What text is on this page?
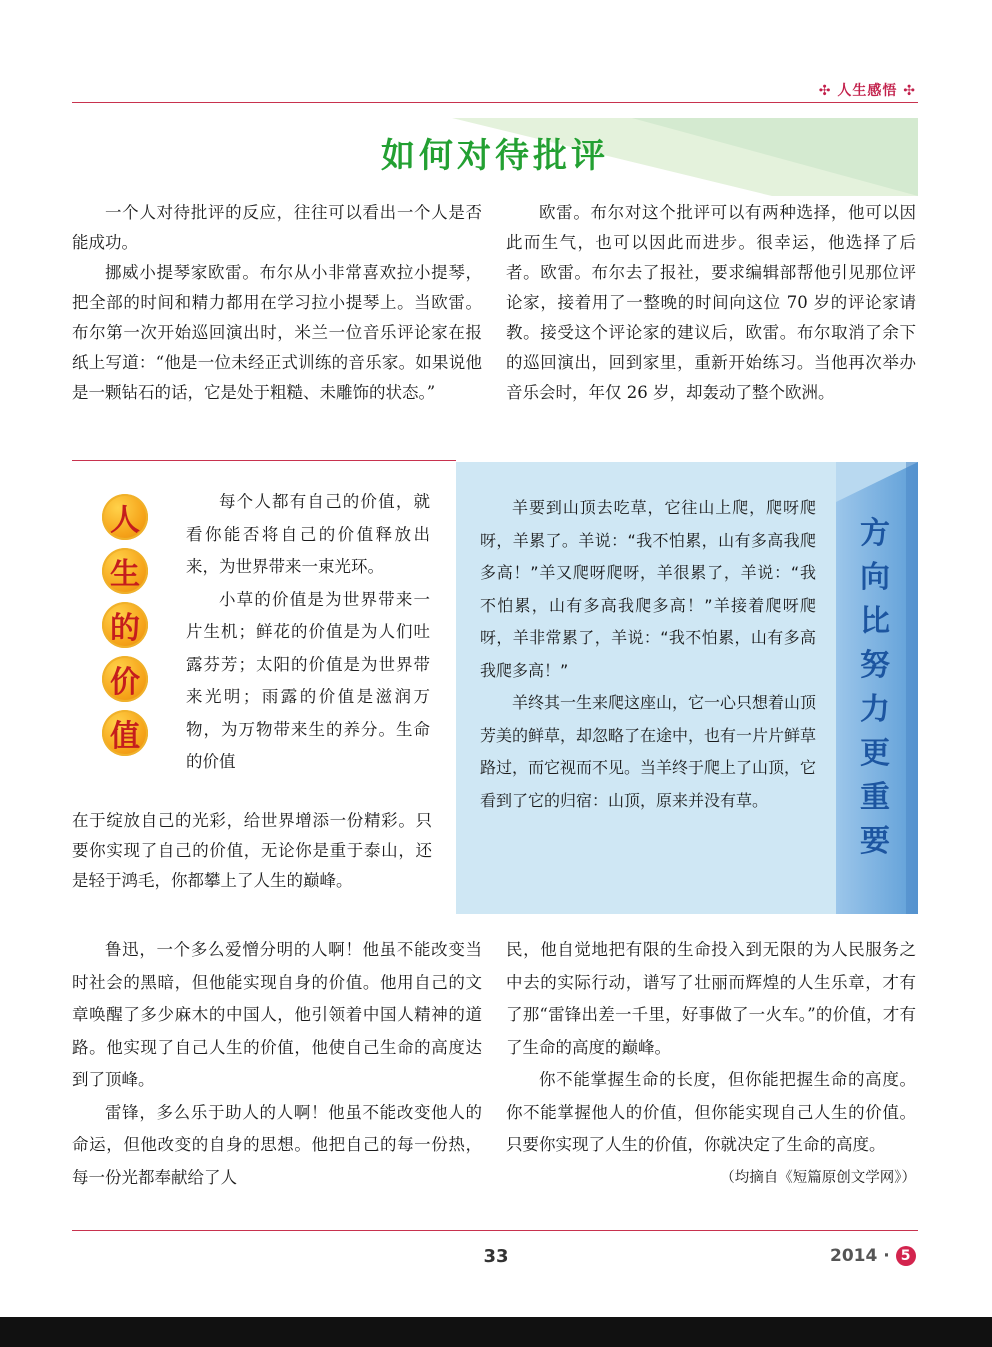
✣ 人生感悟 ✣
如何对待批评

一个人对待批评的反应，往往可以看出一个人是否能成功。

挪威小提琴家欧雷。布尔从小非常喜欢拉小提琴，把全部的时间和精力都用在学习拉小提琴上。当欧雷。布尔第一次开始巡回演出时，米兰一位音乐评论家在报纸上写道：“他是一位未经正式训练的音乐家。如果说他是一颗钻石的话，它是处于粗糙、未雕饰的状态。”

欧雷。布尔对这个批评可以有两种选择，他可以因此而生气，也可以因此而进步。很幸运，他选择了后者。欧雷。布尔去了报社，要求编辑部帮他引见那位评论家，接着用了一整晚的时间向这位 70 岁的评论家请教。接受这个评论家的建议后，欧雷。布尔取消了余下的巡回演出，回到家里，重新开始练习。当他再次举办音乐会时，年仅 26 岁，却轰动了整个欧洲。

人
生
的
价
值

每个人都有自己的价值，就看你能否将自己的价值释放出来，为世界带来一束光环。

小草的价值是为世界带来一片生机；鲜花的价值是为人们吐露芬芳；太阳的价值是为世界带来光明；雨露的价值是滋润万物，为万物带来生的养分。生命的价值

在于绽放自己的光彩，给世界增添一份精彩。只要你实现了自己的价值，无论你是重于泰山，还是轻于鸿毛，你都攀上了人生的巅峰。

方
向
比
努
力
更
重
要

羊要到山顶去吃草，它往山上爬，爬呀爬呀，羊累了。羊说：“我不怕累，山有多高我爬多高！”羊又爬呀爬呀，羊很累了，羊说：“我不怕累，山有多高我爬多高！”羊接着爬呀爬呀，羊非常累了，羊说：“我不怕累，山有多高我爬多高！”

羊终其一生来爬这座山，它一心只想着山顶芳美的鲜草，却忽略了在途中，也有一片片鲜草路过，而它视而不见。当羊终于爬上了山顶，它看到了它的归宿：山顶，原来并没有草。

鲁迅，一个多么爱憎分明的人啊！他虽不能改变当时社会的黑暗，但他能实现自身的价值。他用自己的文章唤醒了多少麻木的中国人，他引领着中国人精神的道路。他实现了自己人生的价值，他使自己生命的高度达到了顶峰。

雷锋，多么乐于助人的人啊！他虽不能改变他人的命运，但他改变的自身的思想。他把自己的每一份热，每一份光都奉献给了人

民，他自觉地把有限的生命投入到无限的为人民服务之中去的实际行动，谱写了壮丽而辉煌的人生乐章，才有了那“雷锋出差一千里，好事做了一火车。”的价值，才有了生命的高度的巅峰。

你不能掌握生命的长度，但你能把握生命的高度。你不能掌握他人的价值，但你能实现自己人生的价值。只要你实现了人生的价值，你就决定了生命的高度。

（均摘自《短篇原创文学网》）

33	2014 · 5
